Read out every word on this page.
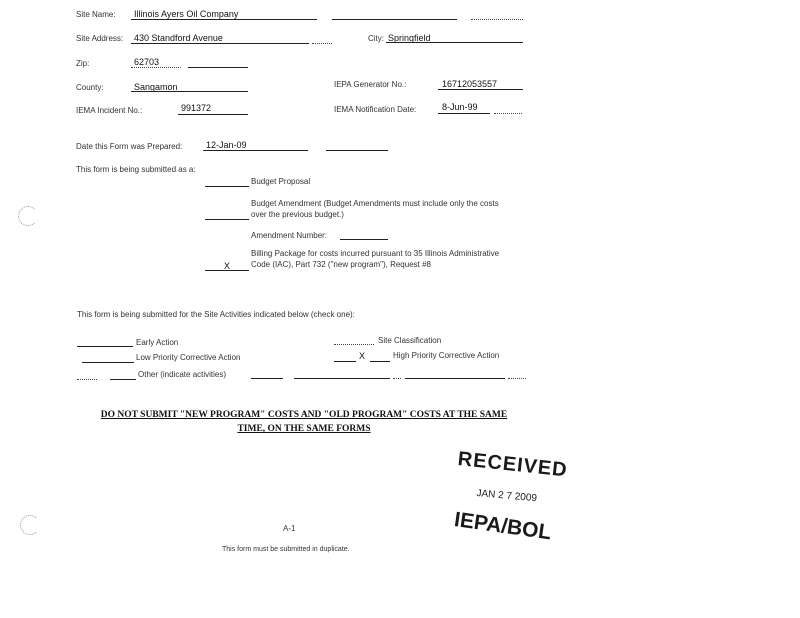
Site Name: Illinois Ayers Oil Company
Site Address: 430 Standford Avenue	City: Springfield
Zip:	62703
County:	Sangamon	IEPA Generator No.:	16712053557
IEMA Incident No.:	991372	IEMA Notification Date:	8-Jun-99
Date this Form was Prepared:	12-Jan-09
This form is being submitted as a:
Budget Proposal
Budget Amendment (Budget Amendments must include only the costs
over the previous budget.)
Amendment Number:
Billing Package for costs incurred pursuant to 35 Illinois Administrative
Code (IAC), Part 732 ("new program"), Request #8
X
This form is being submitted for the Site Activities indicated below (check one):
Early Action	Site Classification
Low Priority Corrective Action	X	High Priority Corrective Action
Other (indicate activities)
DO NOT SUBMIT "NEW PROGRAM" COSTS AND "OLD PROGRAM" COSTS AT THE SAME
TIME, ON THE SAME FORMS
RECEIVED
JAN 2 7 2009
IEPA/BOL
A-1
This form must be submitted in duplicate.
